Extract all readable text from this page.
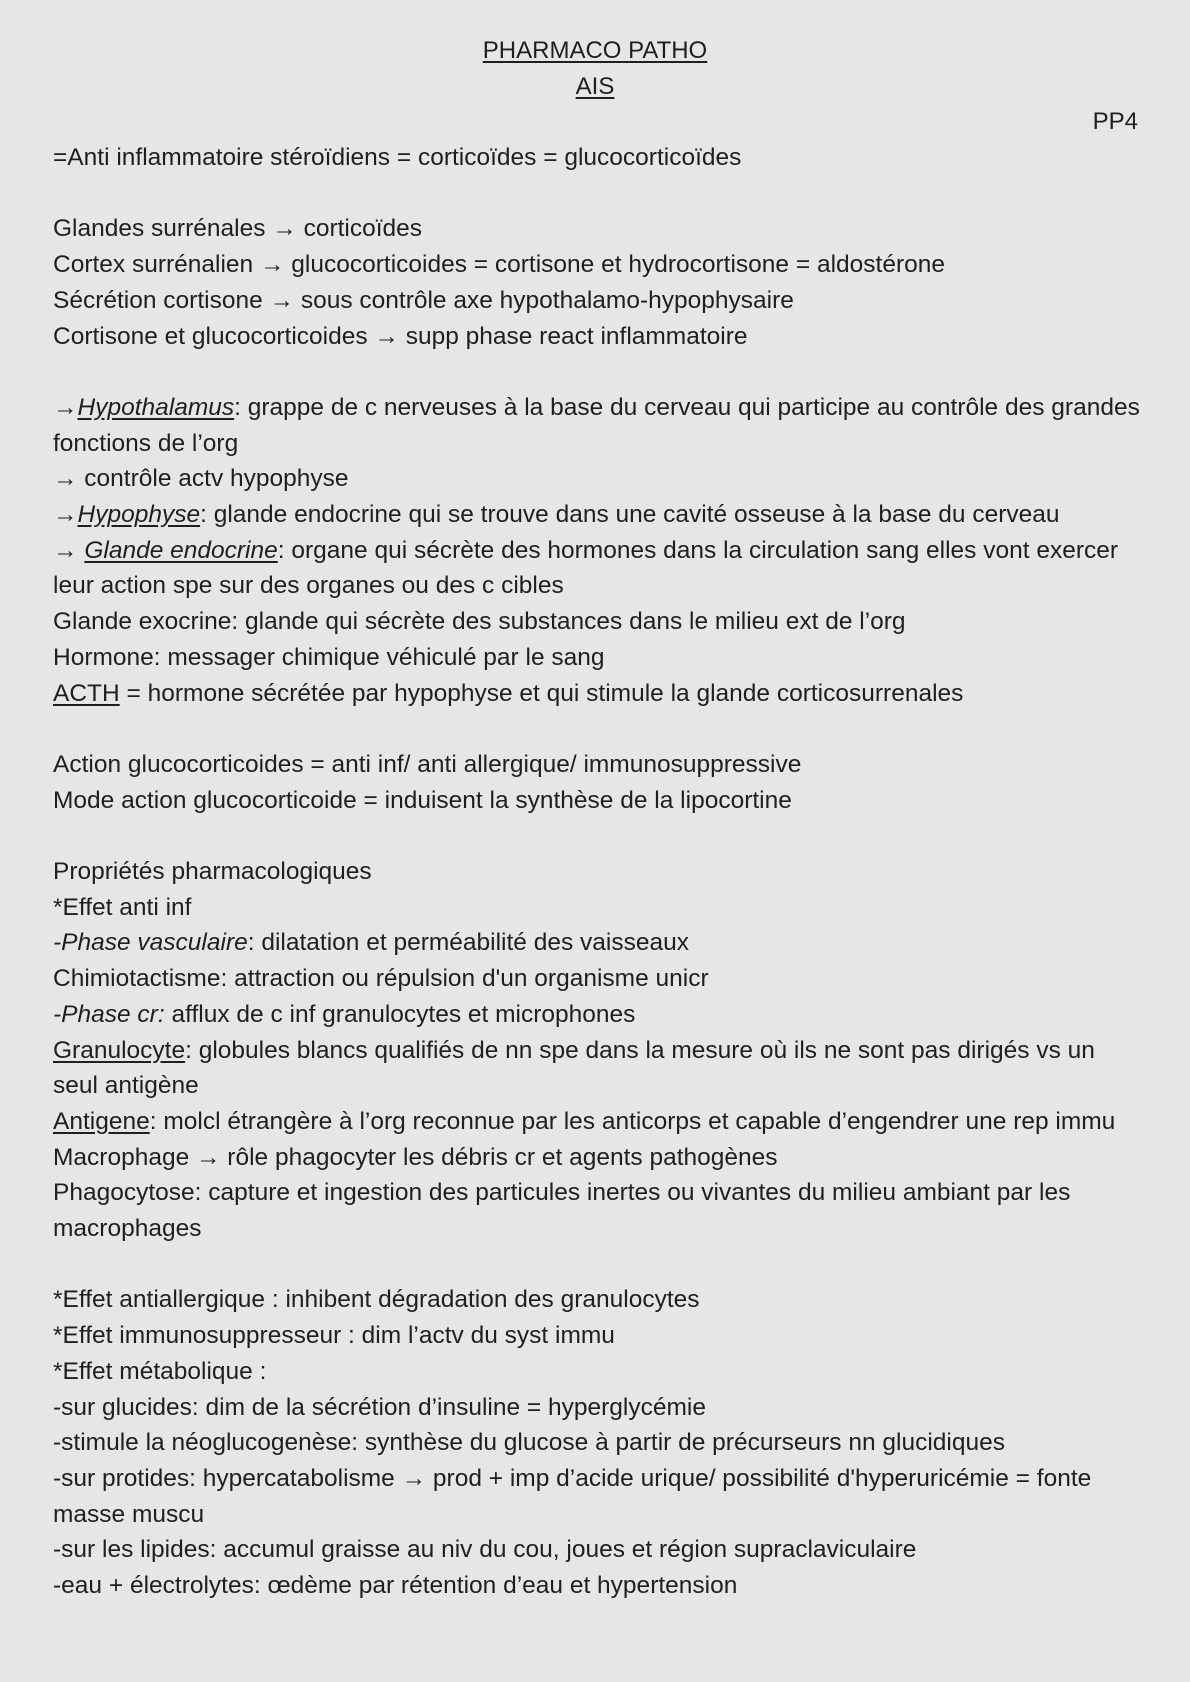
PHARMACO PATHO
AIS
PP4
=Anti inflammatoire stéroïdiens = corticoïdes = glucocorticoïdes
Glandes surrénales → corticoïdes
Cortex surrénalien → glucocorticoides = cortisone et hydrocortisone = aldostérone
Sécrétion cortisone → sous contrôle axe hypothalamo-hypophysaire
Cortisone et glucocorticoides → supp phase react inflammatoire
→Hypothalamus: grappe de c nerveuses à la base du cerveau qui participe au contrôle des grandes fonctions de l’org
→ contrôle actv hypophyse
→Hypophyse: glande endocrine qui se trouve dans une cavité osseuse à la base du cerveau
→ Glande endocrine: organe qui sécrète des hormones dans la circulation sang elles vont exercer leur action spe sur des organes ou des c cibles
Glande exocrine: glande qui sécrète des substances dans le milieu ext de l’org
Hormone: messager chimique véhiculé par le sang
ACTH = hormone sécrétée par hypophyse et qui stimule la glande corticosurrenales
Action glucocorticoides = anti inf/ anti allergique/ immunosuppressive
Mode action glucocorticoide = induisent la synthèse de la lipocortine
Propriétés pharmacologiques
*Effet anti inf
-Phase vasculaire: dilatation et perméabilité des vaisseaux
Chimiotactisme: attraction ou répulsion d'un organisme unicr
-Phase cr: afflux de c inf granulocytes et microphones
Granulocyte: globules blancs qualifiés de nn spe dans la mesure où ils ne sont pas dirigés vs un seul antigène
Antigene: molcl étrangère à l’org reconnue par les anticorps et capable d’engendrer une rep immu
Macrophage → rôle phagocyter les débris cr et agents pathogènes
Phagocytose: capture et ingestion des particules inertes ou vivantes du milieu ambiant par les macrophages
*Effet antiallergique : inhibent dégradation des granulocytes
*Effet immunosuppresseur : dim l’actv du syst immu
*Effet métabolique :
-sur glucides: dim de la sécrétion d’insuline = hyperglycémie
-stimule la néoglucogenèse: synthèse du glucose à partir de précurseurs nn glucidiques
-sur protides: hypercatabolisme → prod + imp d’acide urique/ possibilité d'hyperuricémie = fonte masse muscu
-sur les lipides: accumul graisse au niv du cou, joues et région supraclaviculaire
-eau + électrolytes: œdème par rétention d’eau et hypertension
